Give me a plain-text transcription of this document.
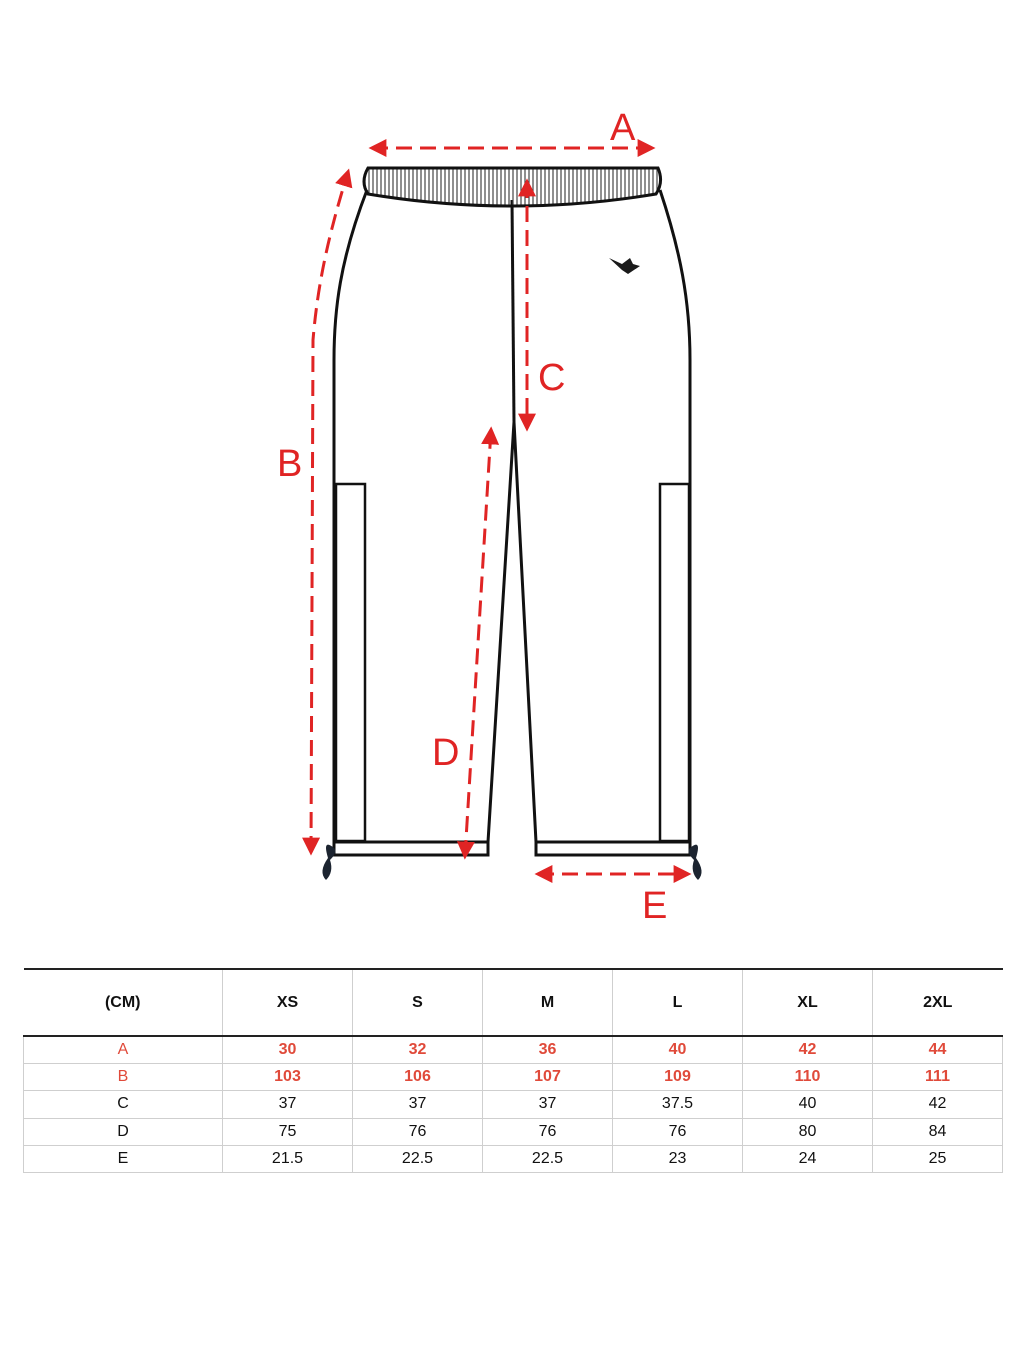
A
B
C
D
E
(CM)	XS	S	M	L	XL	2XL
A	30	32	36	40	42	44
B	103	106	107	109	110	111
C	37	37	37	37.5	40	42
D	75	76	76	76	80	84
E	21.5	22.5	22.5	23	24	25
